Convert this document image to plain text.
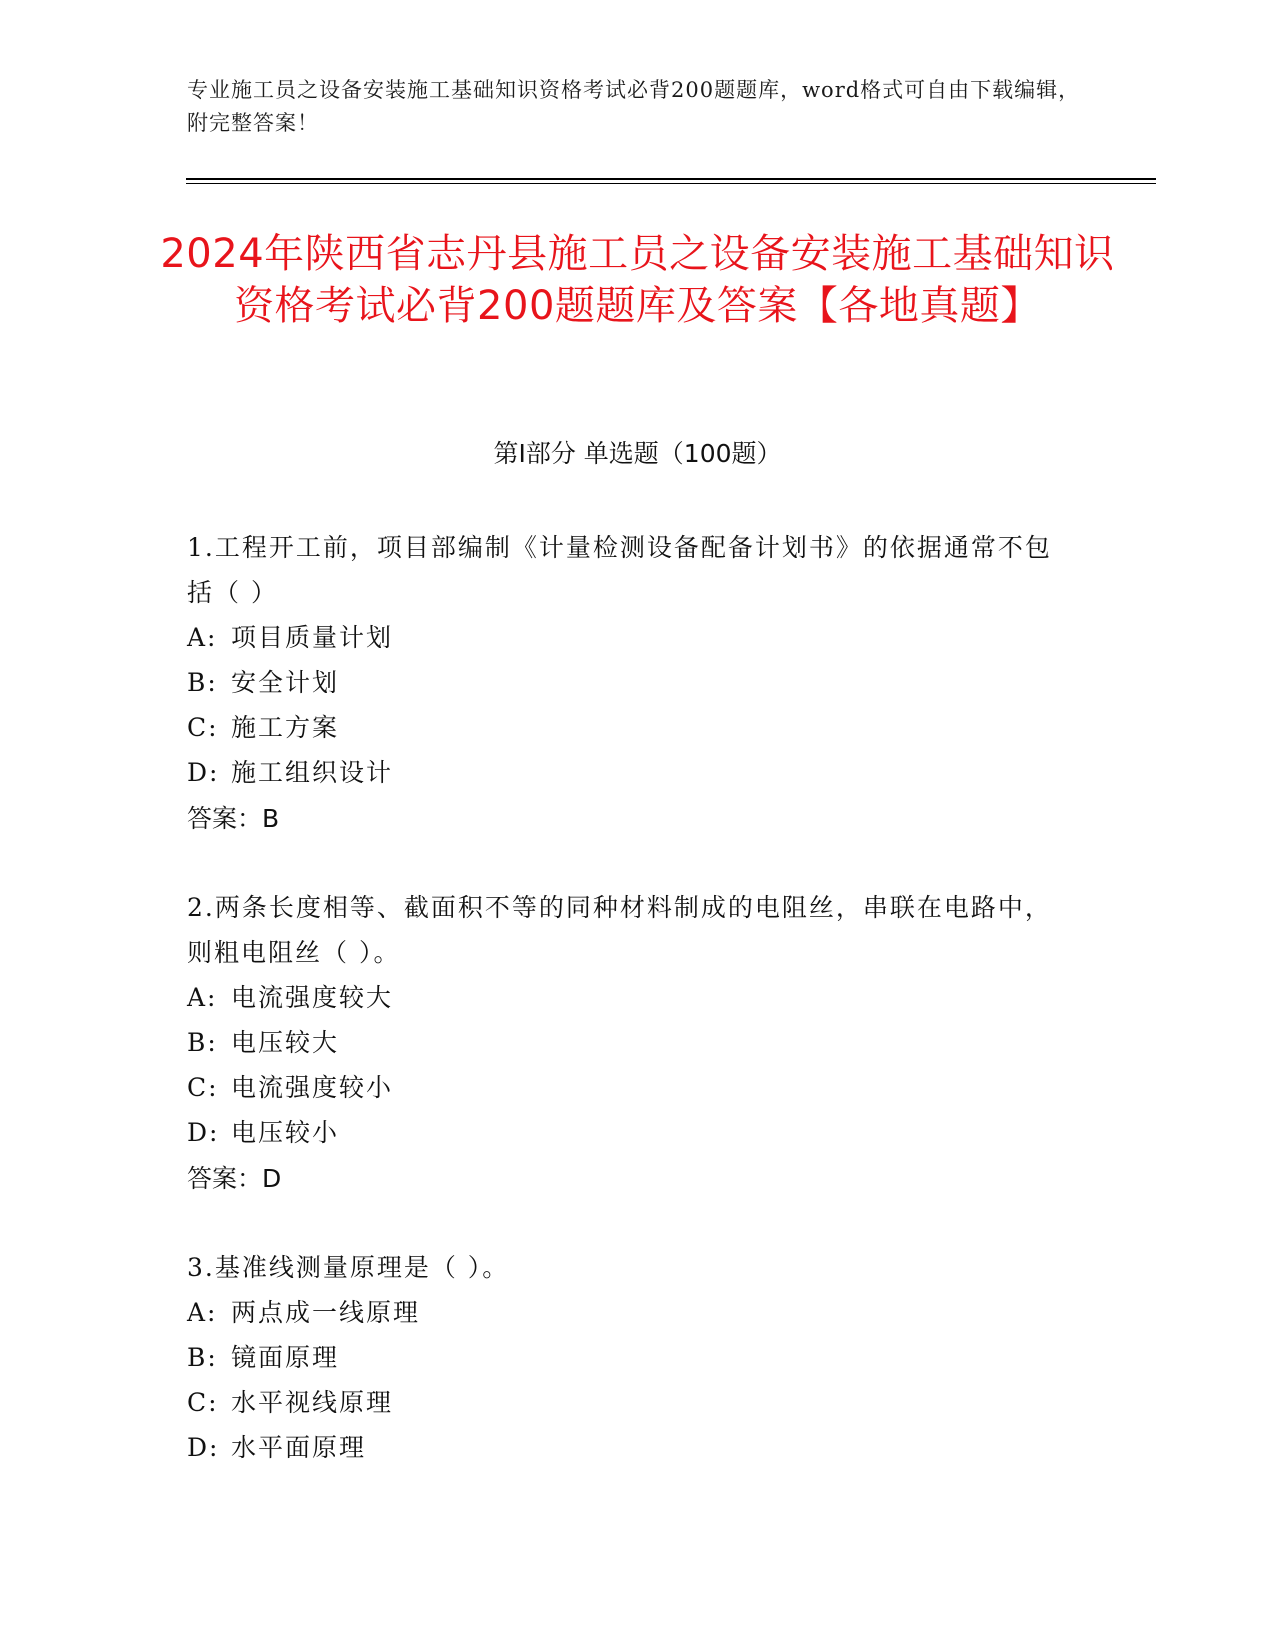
专业施工员之设备安装施工基础知识资格考试必背200题题库，word格式可自由下载编辑，附完整答案！
2024年陕西省志丹县施工员之设备安装施工基础知识资格考试必背200题题库及答案【各地真题】
第I部分 单选题（100题）
1.工程开工前，项目部编制《计量检测设备配备计划书》的依据通常不包括（ ）
A: 项目质量计划
B: 安全计划
C: 施工方案
D: 施工组织设计
答案：B
2.两条长度相等、截面积不等的同种材料制成的电阻丝，串联在电路中，则粗电阻丝（ ）。
A: 电流强度较大
B: 电压较大
C: 电流强度较小
D: 电压较小
答案：D
3.基准线测量原理是（ ）。
A: 两点成一线原理
B: 镜面原理
C: 水平视线原理
D: 水平面原理
